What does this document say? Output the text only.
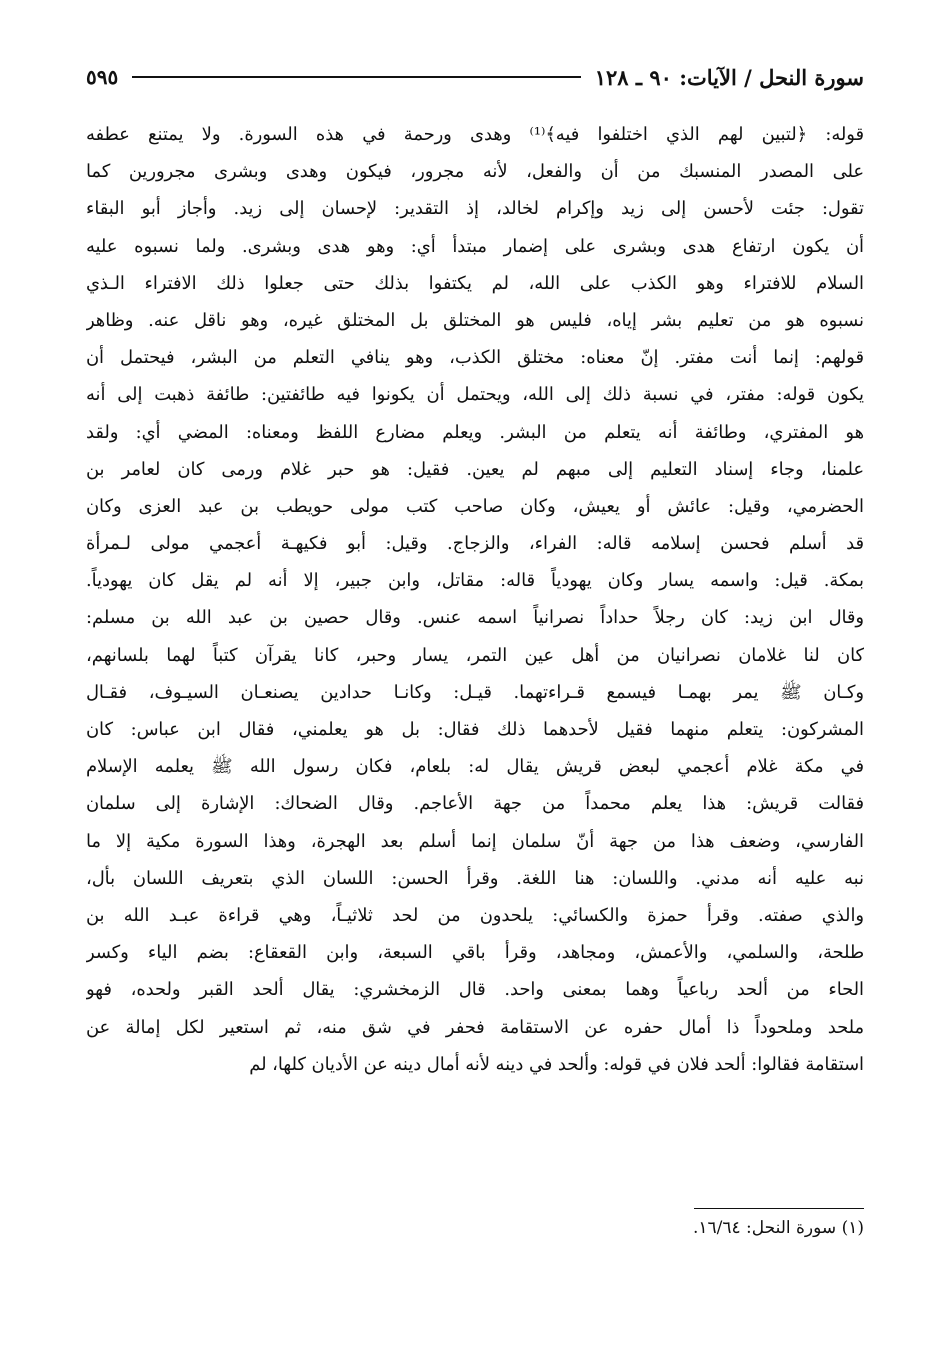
سورة النحل / الآيات: ٩٠ ـ ١٢٨
٥٩٥
قوله: ﴿لتبين لهم الذي اختلفوا فيه﴾⁽¹⁾ وهدى ورحمة في هذه السورة. ولا يمتنع عطفه
على المصدر المنسبك من أن والفعل، لأنه مجرور، فيكون وهدى وبشرى مجرورين كما
تقول: جئت لأحسن إلى زيد وإكرام لخالد، إذ التقدير: لإحسان إلى زيد. وأجاز أبو البقاء
أن يكون ارتفاع هدى وبشرى على إضمار مبتدأ أي: وهو هدى وبشرى. ولما نسبوه عليه
السلام للافتراء وهو الكذب على الله، لم يكتفوا بذلك حتى جعلوا ذلك الافتراء الـذي
نسبوه هو من تعليم بشر إياه، فليس هو المختلق بل المختلق غيره، وهو ناقل عنه. وظاهر
قولهم: إنما أنت مفتر. إنّ معناه: مختلق الكذب، وهو ينافي التعلم من البشر، فيحتمل أن
يكون قوله: مفتر، في نسبة ذلك إلى الله، ويحتمل أن يكونوا فيه طائفتين: طائفة ذهبت إلى أنه
هو المفتري، وطائفة أنه يتعلم من البشر. ويعلم مضارع اللفظ ومعناه: المضي أي: ولقد
علمنا، وجاء إسناد التعليم إلى مبهم لم يعين. فقيل: هو حبر غلام ورمى كان لعامر بن
الحضرمي، وقيل: عائش أو يعيش، وكان صاحب كتب مولى حويطب بن عبد العزى وكان
قد أسلم فحسن إسلامه قاله: الفراء، والزجاج. وقيل: أبو فكيهـة أعجمي مولى لـمرأة
بمكة. قيل: واسمه يسار وكان يهودياً قاله: مقاتل، وابن جبير، إلا أنه لم يقل كان يهودياً.
وقال ابن زيد: كان رجلاً حداداً نصرانياً اسمه عنس. وقال حصين بن عبد الله بن مسلم:
كان لنا غلامان نصرانيان من أهل عين التمر، يسار وحبر، كانا يقرآن كتباً لهما بلسانهم،
وكـان ﷺ يمر بهمـا فيسمع قـراءتهما. قيـل: وكانـا حدادين يصنعـان السيـوف، فقـال
المشركون: يتعلم منهما فقيل لأحدهما ذلك فقال: بل هو يعلمني، فقال ابن عباس: كان
في مكة غلام أعجمي لبعض قريش يقال له: بلعام، فكان رسول الله ﷺ يعلمه الإسلام
فقالت قريش: هذا يعلم محمداً من جهة الأعاجم. وقال الضحاك: الإشارة إلى سلمان
الفارسي، وضعف هذا من جهة أنّ سلمان إنما أسلم بعد الهجرة، وهذا السورة مكية إلا ما
نبه عليه أنه مدني. واللسان: هنا اللغة. وقرأ الحسن: اللسان الذي بتعريف اللسان بأل،
والذي صفته. وقرأ حمزة والكسائي: يلحدون من لحد ثلاثيـاً، وهي قراءة عبـد الله بن
طلحة، والسلمي، والأعمش، ومجاهد، وقرأ باقي السبعة، وابن القعقاع: بضم الياء وكسر
الحاء من ألحد رباعياً وهما بمعنى واحد. قال الزمخشري: يقال ألحد القبر ولحده، فهو
ملحد وملحوداً ذا أمال حفره عن الاستقامة فحفر في شق منه، ثم استعير لكل إمالة عن
استقامة فقالوا: ألحد فلان في قوله: وألحد في دينه لأنه أمال دينه عن الأديان كلها، لم
(١) سورة النحل: ١٦/٦٤.
